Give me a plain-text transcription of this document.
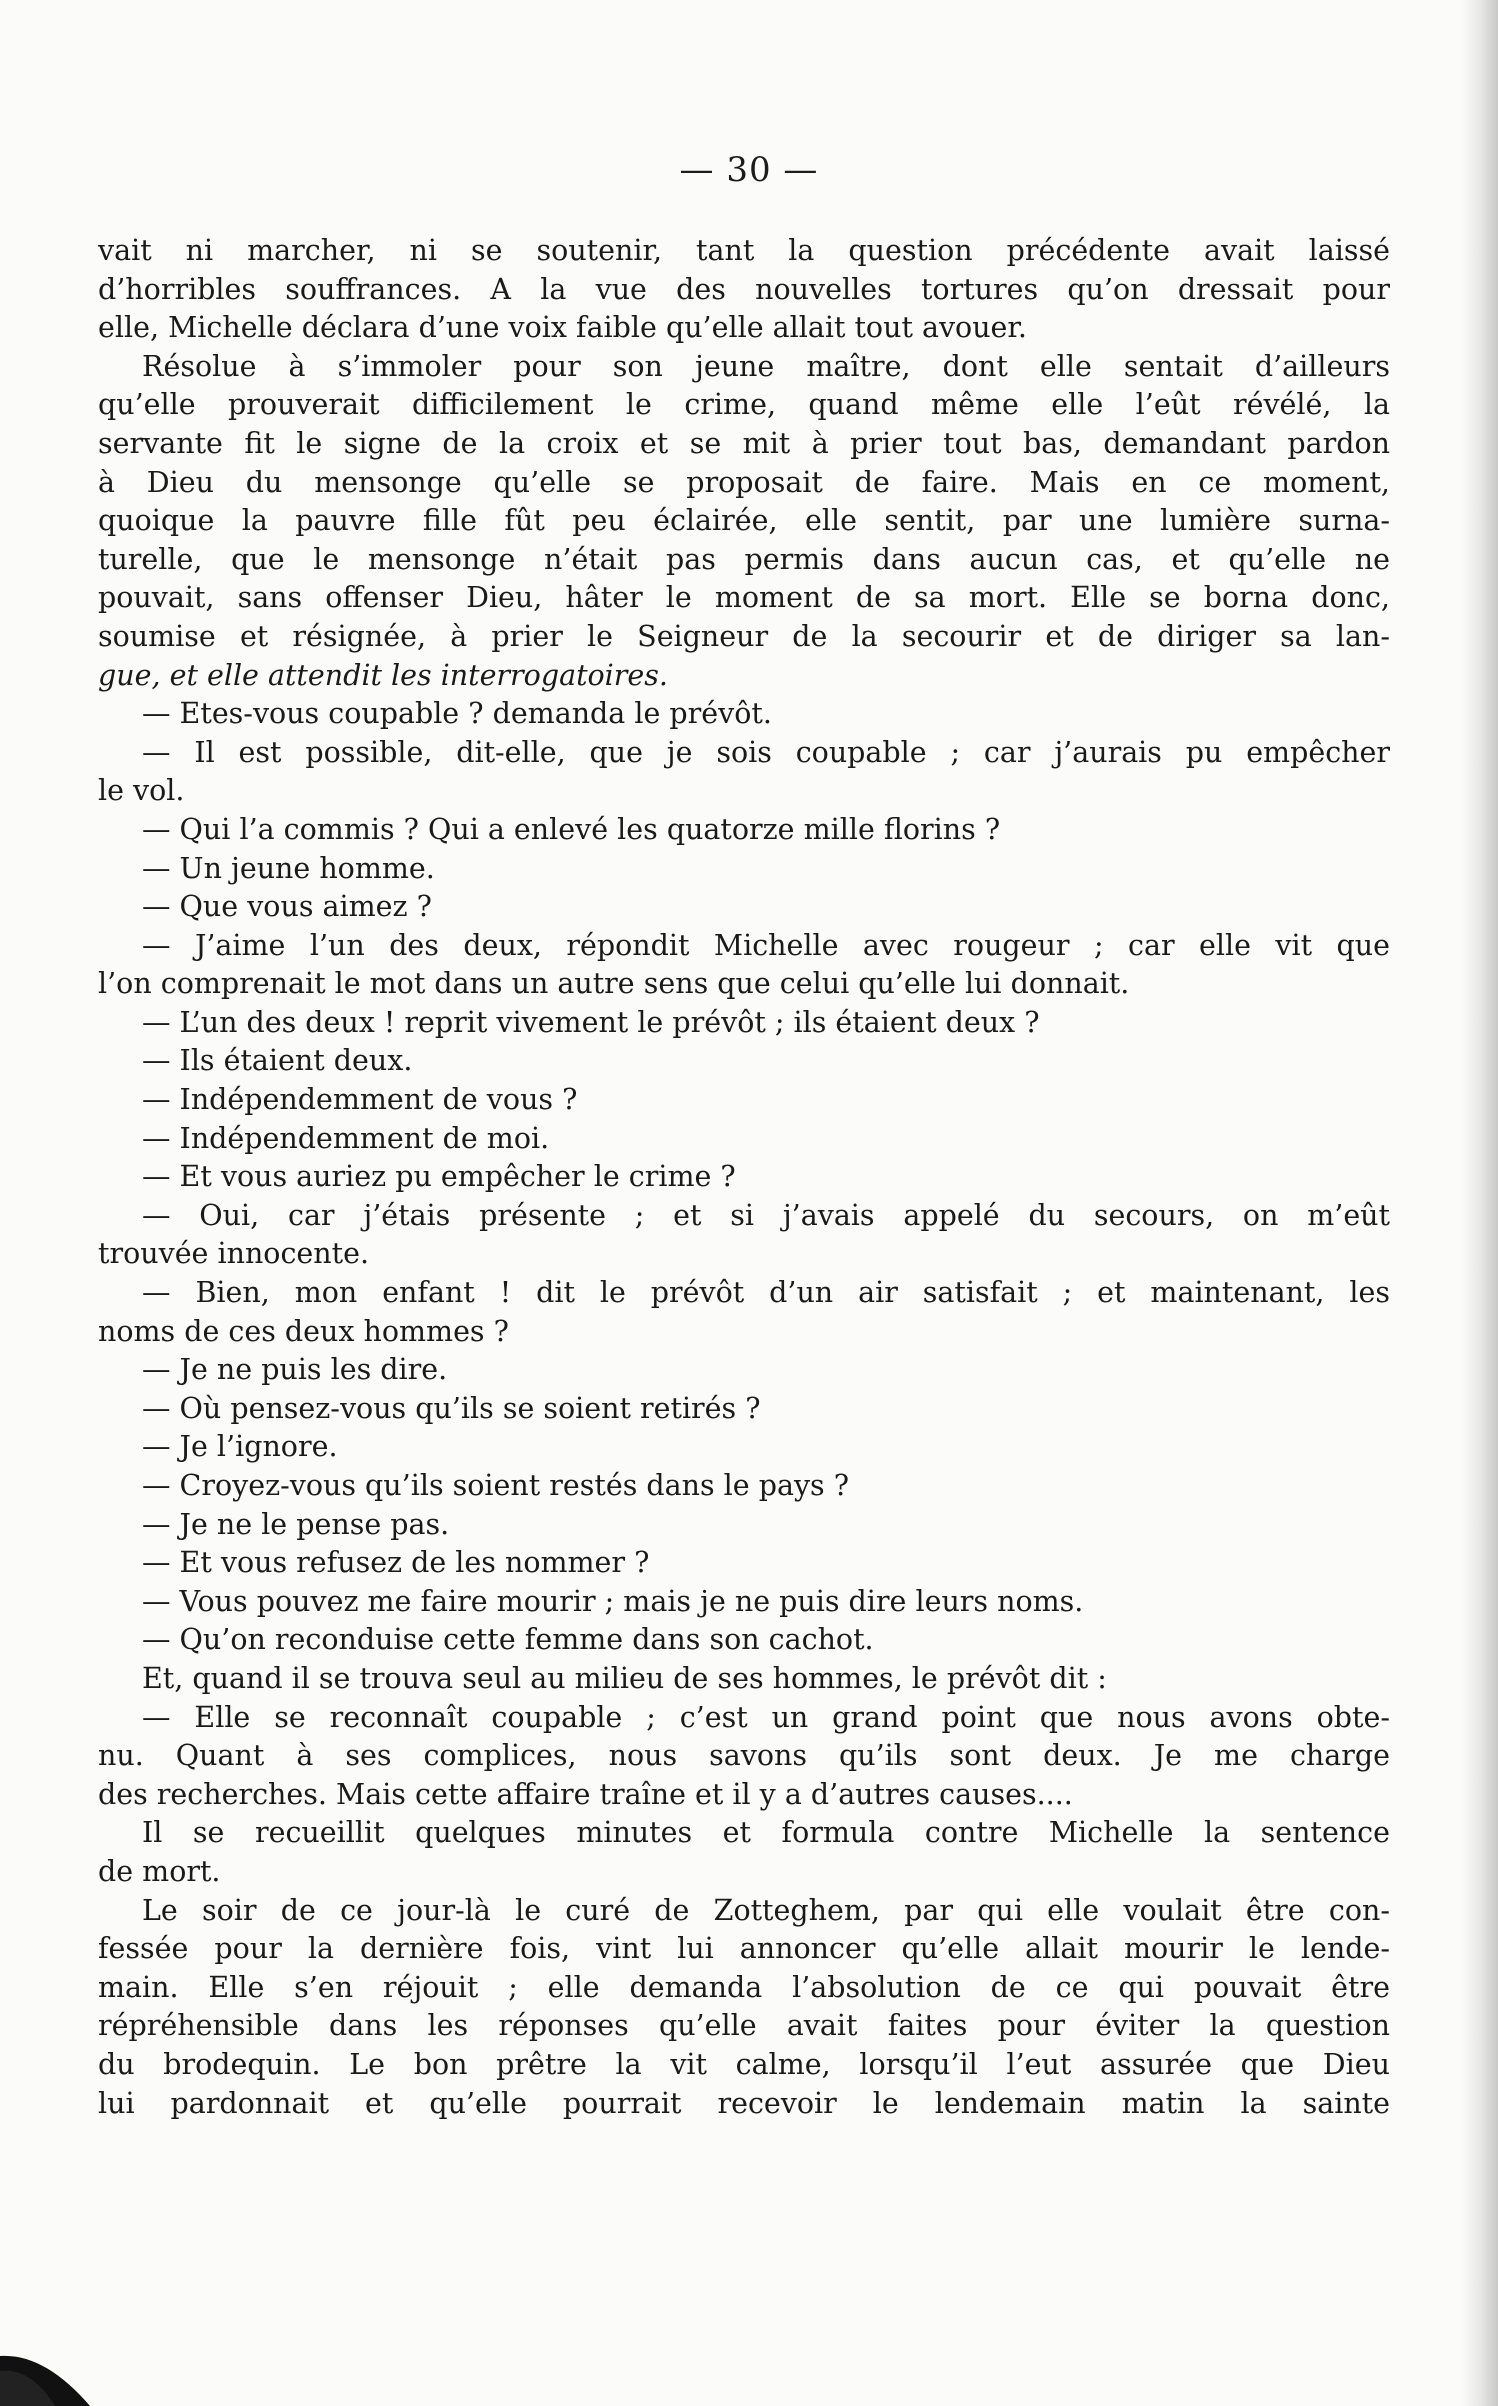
— 30 —
vait ni marcher, ni se soutenir, tant la question précédente avait laissé
d’horribles souffrances. A la vue des nouvelles tortures qu’on dressait pour
elle, Michelle déclara d’une voix faible qu’elle allait tout avouer.
Résolue à s’immoler pour son jeune maître, dont elle sentait d’ailleurs
qu’elle prouverait difficilement le crime, quand même elle l’eût révélé, la
servante fit le signe de la croix et se mit à prier tout bas, demandant pardon
à Dieu du mensonge qu’elle se proposait de faire. Mais en ce moment,
quoique la pauvre fille fût peu éclairée, elle sentit, par une lumière surna-
turelle, que le mensonge n’était pas permis dans aucun cas, et qu’elle ne
pouvait, sans offenser Dieu, hâter le moment de sa mort. Elle se borna donc,
soumise et résignée, à prier le Seigneur de la secourir et de diriger sa lan-
gue, et elle attendit les interrogatoires.
— Etes-vous coupable ? demanda le prévôt.
— Il est possible, dit-elle, que je sois coupable ; car j’aurais pu empêcher
le vol.
— Qui l’a commis ? Qui a enlevé les quatorze mille florins ?
— Un jeune homme.
— Que vous aimez ?
— J’aime l’un des deux, répondit Michelle avec rougeur ; car elle vit que
l’on comprenait le mot dans un autre sens que celui qu’elle lui donnait.
— L’un des deux ! reprit vivement le prévôt ; ils étaient deux ?
— Ils étaient deux.
— Indépendemment de vous ?
— Indépendemment de moi.
— Et vous auriez pu empêcher le crime ?
— Oui, car j’étais présente ; et si j’avais appelé du secours, on m’eût
trouvée innocente.
— Bien, mon enfant ! dit le prévôt d’un air satisfait ; et maintenant, les
noms de ces deux hommes ?
— Je ne puis les dire.
— Où pensez-vous qu’ils se soient retirés ?
— Je l’ignore.
— Croyez-vous qu’ils soient restés dans le pays ?
— Je ne le pense pas.
— Et vous refusez de les nommer ?
— Vous pouvez me faire mourir ; mais je ne puis dire leurs noms.
— Qu’on reconduise cette femme dans son cachot.
Et, quand il se trouva seul au milieu de ses hommes, le prévôt dit :
— Elle se reconnaît coupable ; c’est un grand point que nous avons obte-
nu. Quant à ses complices, nous savons qu’ils sont deux. Je me charge
des recherches. Mais cette affaire traîne et il y a d’autres causes....
Il se recueillit quelques minutes et formula contre Michelle la sentence
de mort.
Le soir de ce jour-là le curé de Zotteghem, par qui elle voulait être con-
fessée pour la dernière fois, vint lui annoncer qu’elle allait mourir le lende-
main. Elle s’en réjouit ; elle demanda l’absolution de ce qui pouvait être
répréhensible dans les réponses qu’elle avait faites pour éviter la question
du brodequin. Le bon prêtre la vit calme, lorsqu’il l’eut assurée que Dieu
lui pardonnait et qu’elle pourrait recevoir le lendemain matin la sainte
